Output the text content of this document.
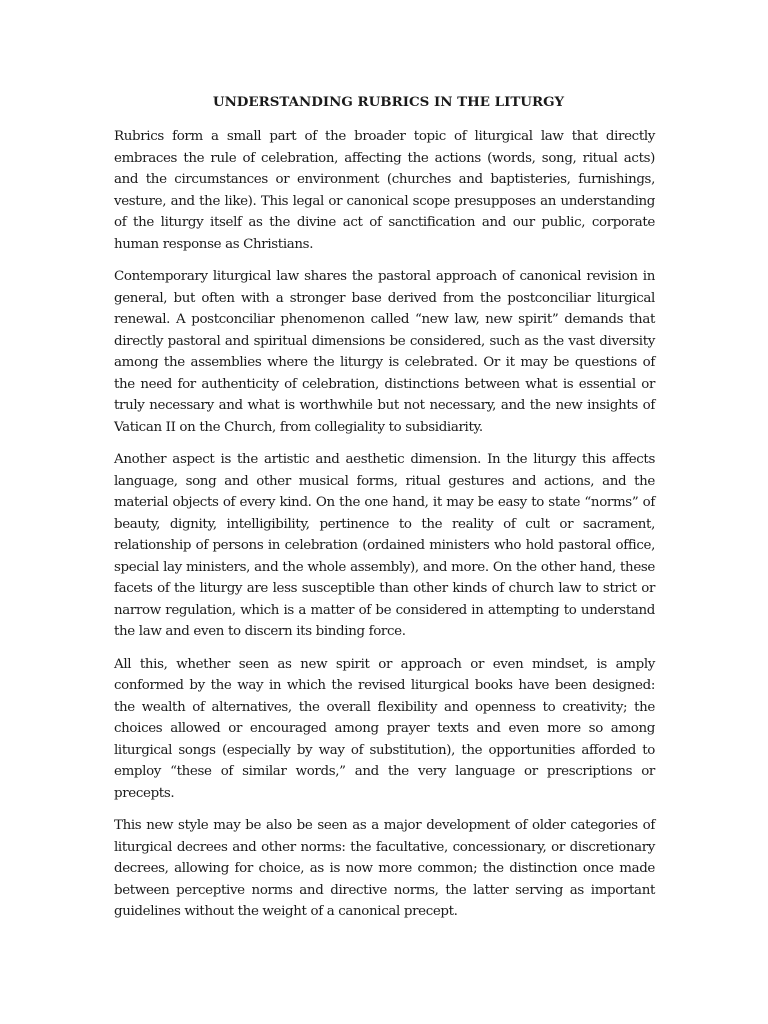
UNDERSTANDING RUBRICS IN THE LITURGY

Rubrics form a small part of the broader topic of liturgical law that directly embraces the rule of celebration, affecting the actions (words, song, ritual acts) and the circumstances or environment (churches and baptisteries, furnishings, vesture, and the like). This legal or canonical scope presupposes an understanding of the liturgy itself as the divine act of sanctification and our public, corporate human response as Christians.

Contemporary liturgical law shares the pastoral approach of canonical revision in general, but often with a stronger base derived from the postconciliar liturgical renewal. A postconciliar phenomenon called “new law, new spirit” demands that directly pastoral and spiritual dimensions be considered, such as the vast diversity among the assemblies where the liturgy is celebrated. Or it may be questions of the need for authenticity of celebration, distinctions between what is essential or truly necessary and what is worthwhile but not necessary, and the new insights of Vatican II on the Church, from collegiality to subsidiarity.

Another aspect is the artistic and aesthetic dimension. In the liturgy this affects language, song and other musical forms, ritual gestures and actions, and the material objects of every kind. On the one hand, it may be easy to state “norms” of beauty, dignity, intelligibility, pertinence to the reality of cult or sacrament, relationship of persons in celebration (ordained ministers who hold pastoral office, special lay ministers, and the whole assembly), and more. On the other hand, these facets of the liturgy are less susceptible than other kinds of church law to strict or narrow regulation, which is a matter of be considered in attempting to understand the law and even to discern its binding force.

All this, whether seen as new spirit or approach or even mindset, is amply conformed by the way in which the revised liturgical books have been designed: the wealth of alternatives, the overall flexibility and openness to creativity; the choices allowed or encouraged among prayer texts and even more so among liturgical songs (especially by way of substitution), the opportunities afforded to employ “these of similar words,” and the very language or prescriptions or precepts.

This new style may be also be seen as a major development of older categories of liturgical decrees and other norms: the facultative, concessionary, or discretionary decrees, allowing for choice, as is now more common; the distinction once made between perceptive norms and directive norms, the latter serving as important guidelines without the weight of a canonical precept.
